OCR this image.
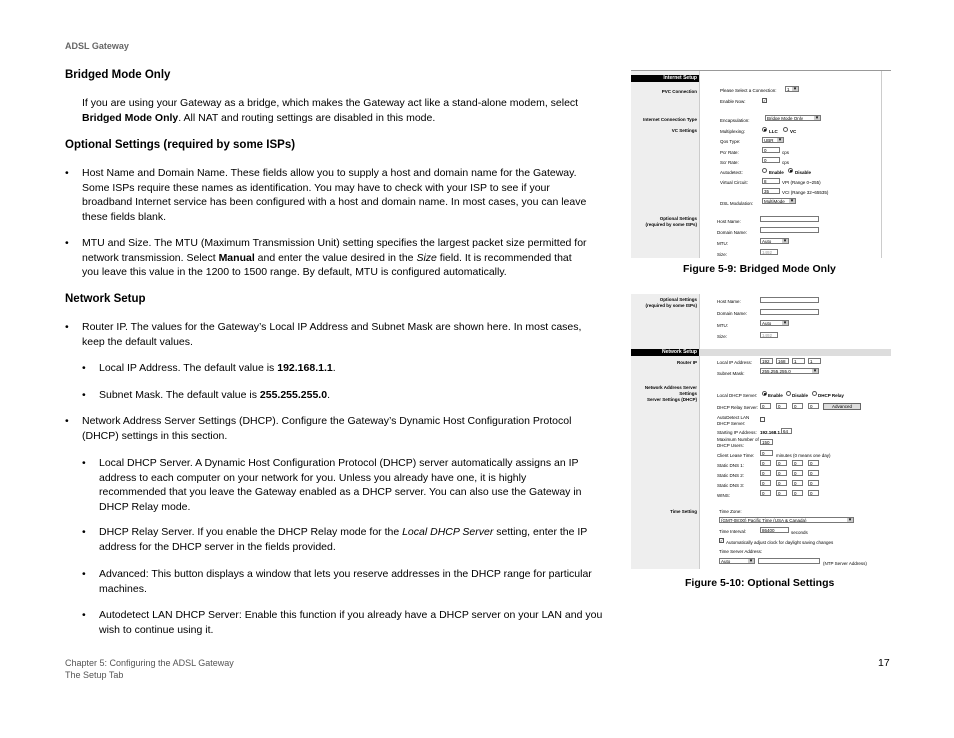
ADSL Gateway
Bridged Mode Only
If you are using your Gateway as a bridge, which makes the Gateway act like a stand-alone modem, select
Bridged Mode Only. All NAT and routing settings are disabled in this mode.
Optional Settings (required by some ISPs)
• Host Name and Domain Name. These fields allow you to supply a host and domain name for the Gateway.
Some ISPs require these names as identification. You may have to check with your ISP to see if your
broadband Internet service has been configured with a host and domain name. In most cases, you can leave
these fields blank.
• MTU and Size. The MTU (Maximum Transmission Unit) setting specifies the largest packet size permitted for
network transmission. Select Manual and enter the value desired in the Size field. It is recommended that
you leave this value in the 1200 to 1500 range. By default, MTU is configured automatically.
Network Setup
• Router IP. The values for the Gateway’s Local IP Address and Subnet Mask are shown here. In most cases,
keep the default values.
• Local IP Address. The default value is 192.168.1.1.
• Subnet Mask. The default value is 255.255.255.0.
• Network Address Server Settings (DHCP). Configure the Gateway’s Dynamic Host Configuration Protocol
(DHCP) settings in this section.
• Local DHCP Server. A Dynamic Host Configuration Protocol (DHCP) server automatically assigns an IP
address to each computer on your network for you. Unless you already have one, it is highly
recommended that you leave the Gateway enabled as a DHCP server. You can also use the Gateway in
DHCP Relay mode.
• DHCP Relay Server. If you enable the DHCP Relay mode for the Local DHCP Server setting, enter the IP
address for the DHCP server in the fields provided.
• Advanced: This button displays a window that lets you reserve addresses in the DHCP range for particular
machines.
• Autodetect LAN DHCP Server: Enable this function if you already have a DHCP server on your LAN and you
wish to continue using it.
Chapter 5: Configuring the ADSL Gateway
The Setup Tab
17
Internet Setup
PVC Connection
Internet Connection Type
VC Settings
Optional Settings
(required by some ISPs)
Please Select a Connection:	1 ▾
Enable Now:	✓
Encapsulation:	Bridge Mode Only ▾
Multiplexing:	LLC	VC
Qos Type:	UBR ▾
Pcr Rate:	0	cps
Scr Rate:	0	cps
Autodetect:	Enable Disable
Virtual Circuit:	8	VPI (Range 0~255)
35	VCI (Range 32~65535)
DSL Modulation:	MultiMode ▾
Host Name:
Domain Name:
MTU:	Auto ▾
Size:	1492
Figure 5-9: Bridged Mode Only
Optional Settings
(required by some ISPs)
Host Name:
Domain Name:
MTU:	Auto ▾
Size:	1492
Network Setup
Router IP	Local IP Address:	192	168	1	1
Subnet Mask:	255.255.255.0 ▾
Network Address Server
Settings
Server Settings (DHCP)
Local DHCP Server: Enable Disable DHCP Relay
DHCP Relay Server: 0	0	0	0	Advanced
AutoDetect LAN
DHCP Server:
Starting IP Address: 192.168.1. 64
Maximum Number of
DHCP Users:
150
Client Lease Time:	0	minutes (0 means one day)
Static DNS 1:	0	0	0	0
Static DNS 2:	0	0	0	0
Static DNS 3:	0	0	0	0
WINS:	0	0	0	0
Time Setting	Time Zone:
(GMT-08:00) Pacific Time (USA & Canada) ▾
Time Interval:	86400	seconds
✓ Automatically adjust clock for daylight saving changes
Time Server Address:
Auto ▾	(NTP Server Address)
Figure 5-10: Optional Settings
